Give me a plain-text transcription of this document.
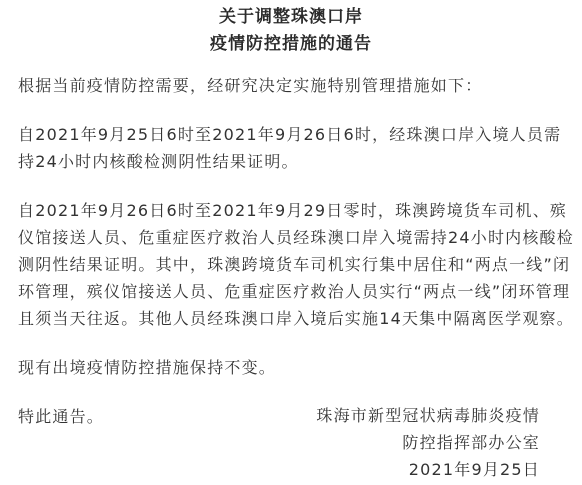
关于调整珠澳口岸
疫情防控措施的通告

根据当前疫情防控需要，经研究决定实施特别管理措施如下：

自2021年9月25日6时至2021年9月26日6时，经珠澳口岸入境人员需持24小时内核酸检测阴性结果证明。

自2021年9月26日6时至2021年9月29日零时，珠澳跨境货车司机、殡仪馆接送人员、危重症医疗救治人员经珠澳口岸入境需持24小时内核酸检测阴性结果证明。其中，珠澳跨境货车司机实行集中居住和“两点一线”闭环管理，殡仪馆接送人员、危重症医疗救治人员实行“两点一线”闭环管理且须当天往返。其他人员经珠澳口岸入境后实施14天集中隔离医学观察。

现有出境疫情防控措施保持不变。

特此通告。	珠海市新型冠状病毒肺炎疫情
防控指挥部办公室
2021年9月25日
